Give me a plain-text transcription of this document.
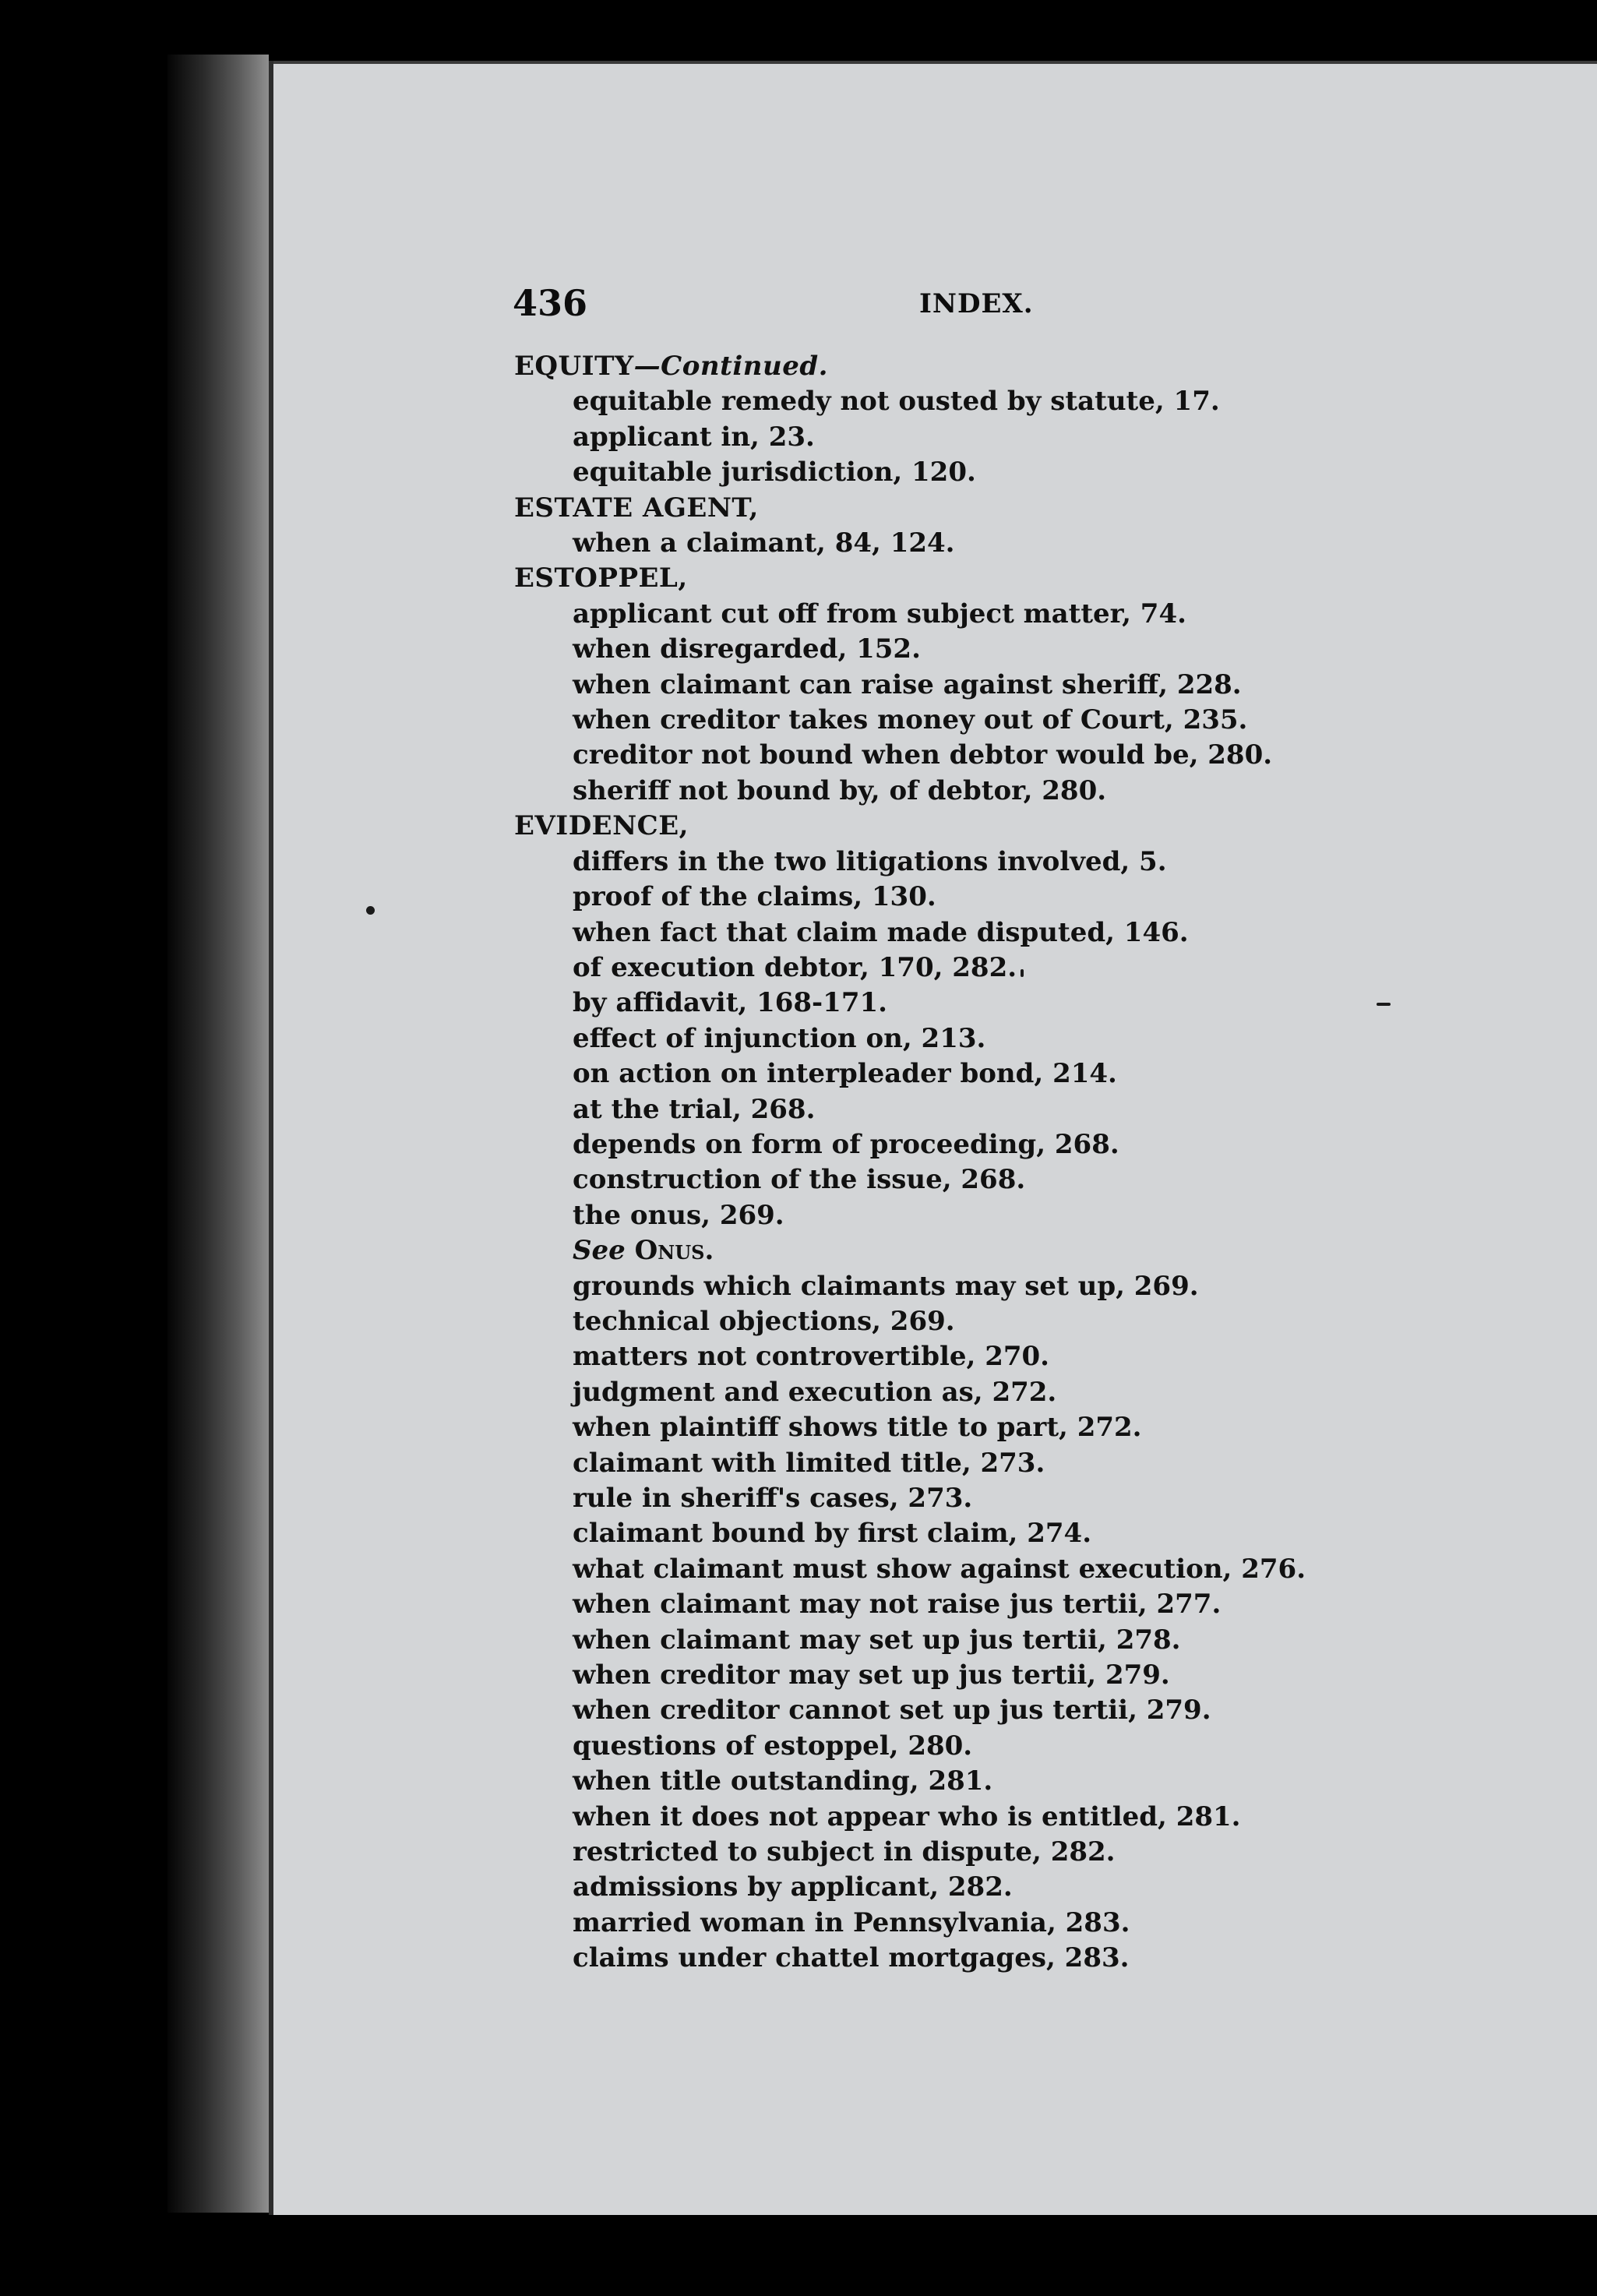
436	INDEX.
EQUITY—Continued.
equitable remedy not ousted by statute, 17.
applicant in, 23.
equitable jurisdiction, 120.
ESTATE AGENT,
when a claimant, 84, 124.
ESTOPPEL,
applicant cut off from subject matter, 74.
when disregarded, 152.
when claimant can raise against sheriff, 228.
when creditor takes money out of Court, 235.
creditor not bound when debtor would be, 280.
sheriff not bound by, of debtor, 280.
EVIDENCE,
differs in the two litigations involved, 5.
proof of the claims, 130.
when fact that claim made disputed, 146.
of execution debtor, 170, 282.
by affidavit, 168-171.
effect of injunction on, 213.
on action on interpleader bond, 214.
at the trial, 268.
depends on form of proceeding, 268.
construction of the issue, 268.
the onus, 269.
See Onus.
grounds which claimants may set up, 269.
technical objections, 269.
matters not controvertible, 270.
judgment and execution as, 272.
when plaintiff shows title to part, 272.
claimant with limited title, 273.
rule in sheriff's cases, 273.
claimant bound by first claim, 274.
what claimant must show against execution, 276.
when claimant may not raise jus tertii, 277.
when claimant may set up jus tertii, 278.
when creditor may set up jus tertii, 279.
when creditor cannot set up jus tertii, 279.
questions of estoppel, 280.
when title outstanding, 281.
when it does not appear who is entitled, 281.
restricted to subject in dispute, 282.
admissions by applicant, 282.
married woman in Pennsylvania, 283.
claims under chattel mortgages, 283.
